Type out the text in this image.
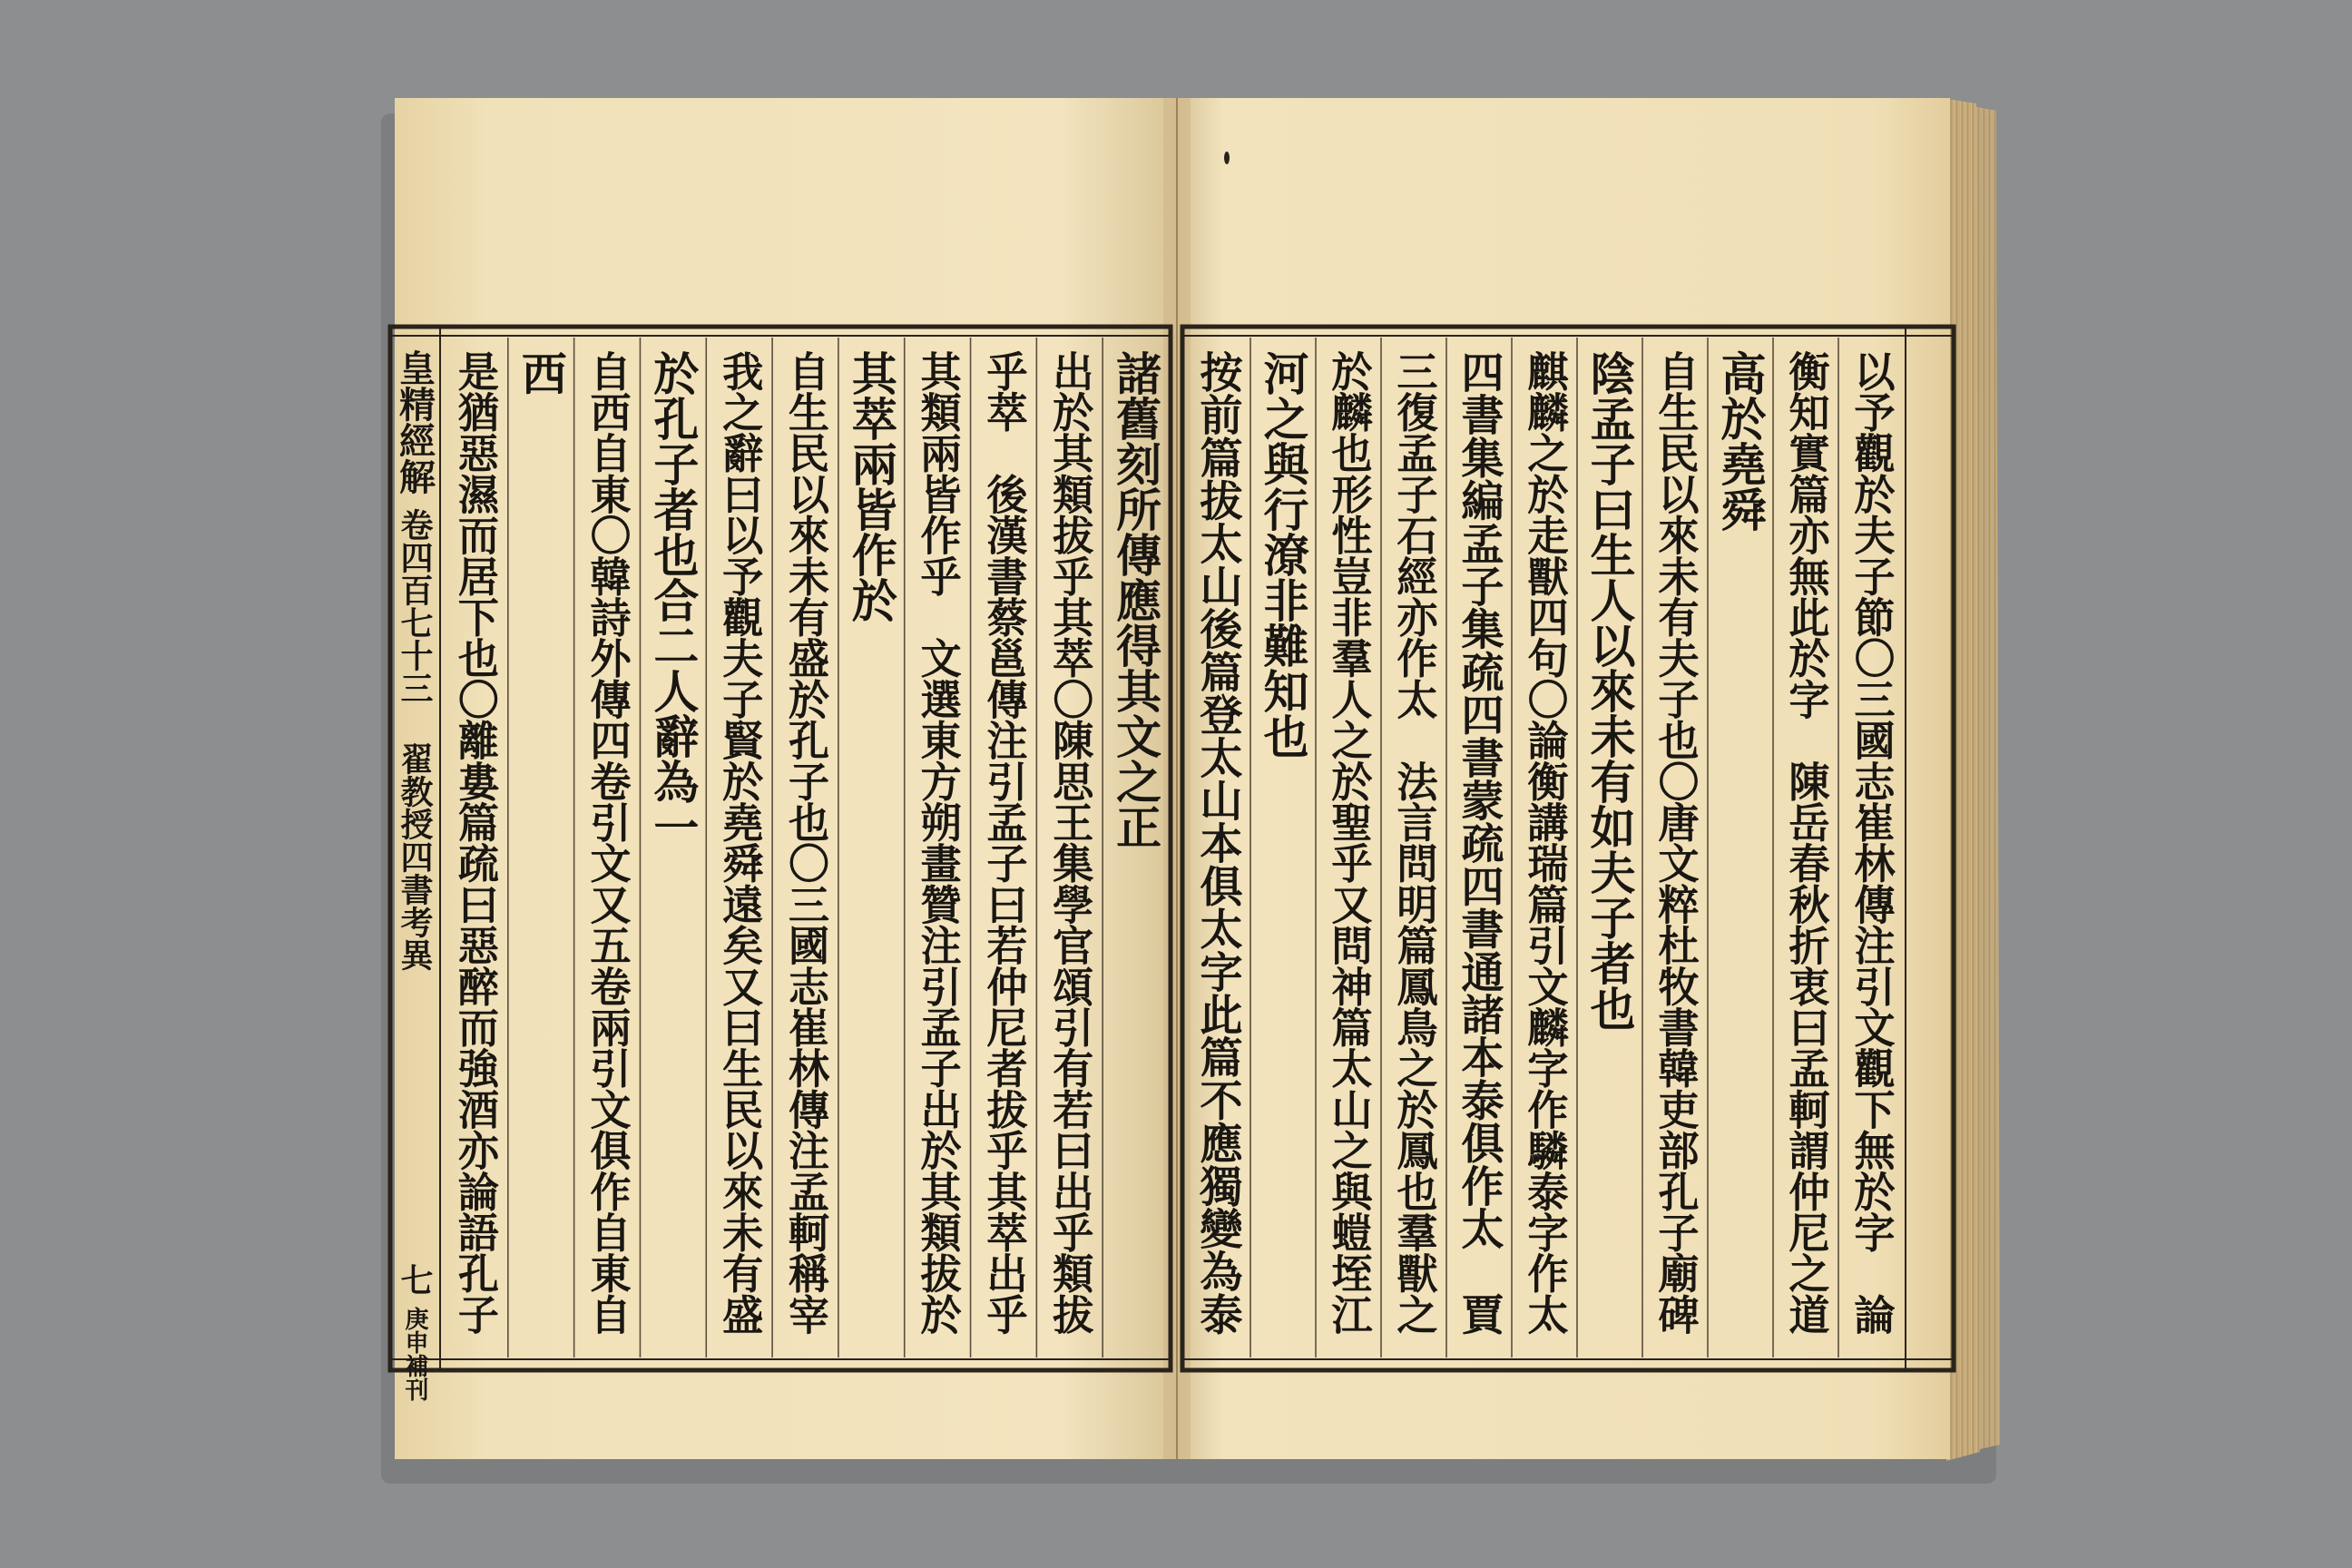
諸舊刻所傳應得其文之正
出於其類拔乎其萃〇陳思王集學官頌引有若曰出乎類拔
乎萃　後漢書蔡邕傳注引孟子曰若仲尼者拔乎其萃出乎
其類兩皆作乎　文選東方朔畫贊注引孟子出於其類拔於
其萃兩皆作於
自生民以來未有盛於孔子也〇三國志崔林傳注孟軻稱宰
我之辭曰以予觀夫子賢於堯舜遠矣又曰生民以來未有盛
於孔子者也合二人辭為一
自西自東〇韓詩外傳四卷引文又五卷兩引文俱作自東自
西
是猶惡濕而居下也〇離婁篇疏曰惡醉而強酒亦論語孔子	以予觀於夫子節〇三國志崔林傳注引文觀下無於字　論
衡知實篇亦無此於字　陳岳春秋折衷曰孟軻謂仲尼之道
高於堯舜
自生民以來未有夫子也〇唐文粹杜牧書韓吏部孔子廟碑
陰孟子曰生人以來未有如夫子者也
麒麟之於走獸四句〇論衡講瑞篇引文麟字作驎泰字作太
四書集編孟子集疏四書蒙疏四書通諸本泰俱作太　賈
三復孟子石經亦作太　法言問明篇鳳鳥之於鳳也羣獸之
於麟也形性豈非羣人之於聖乎又問神篇太山之與螘垤江
河之與行潦非難知也
按前篇拔太山後篇登太山本俱太字此篇不應獨變為泰
皇精經解
卷四百七十三 翟教授四書考異
七
庚申補刊
